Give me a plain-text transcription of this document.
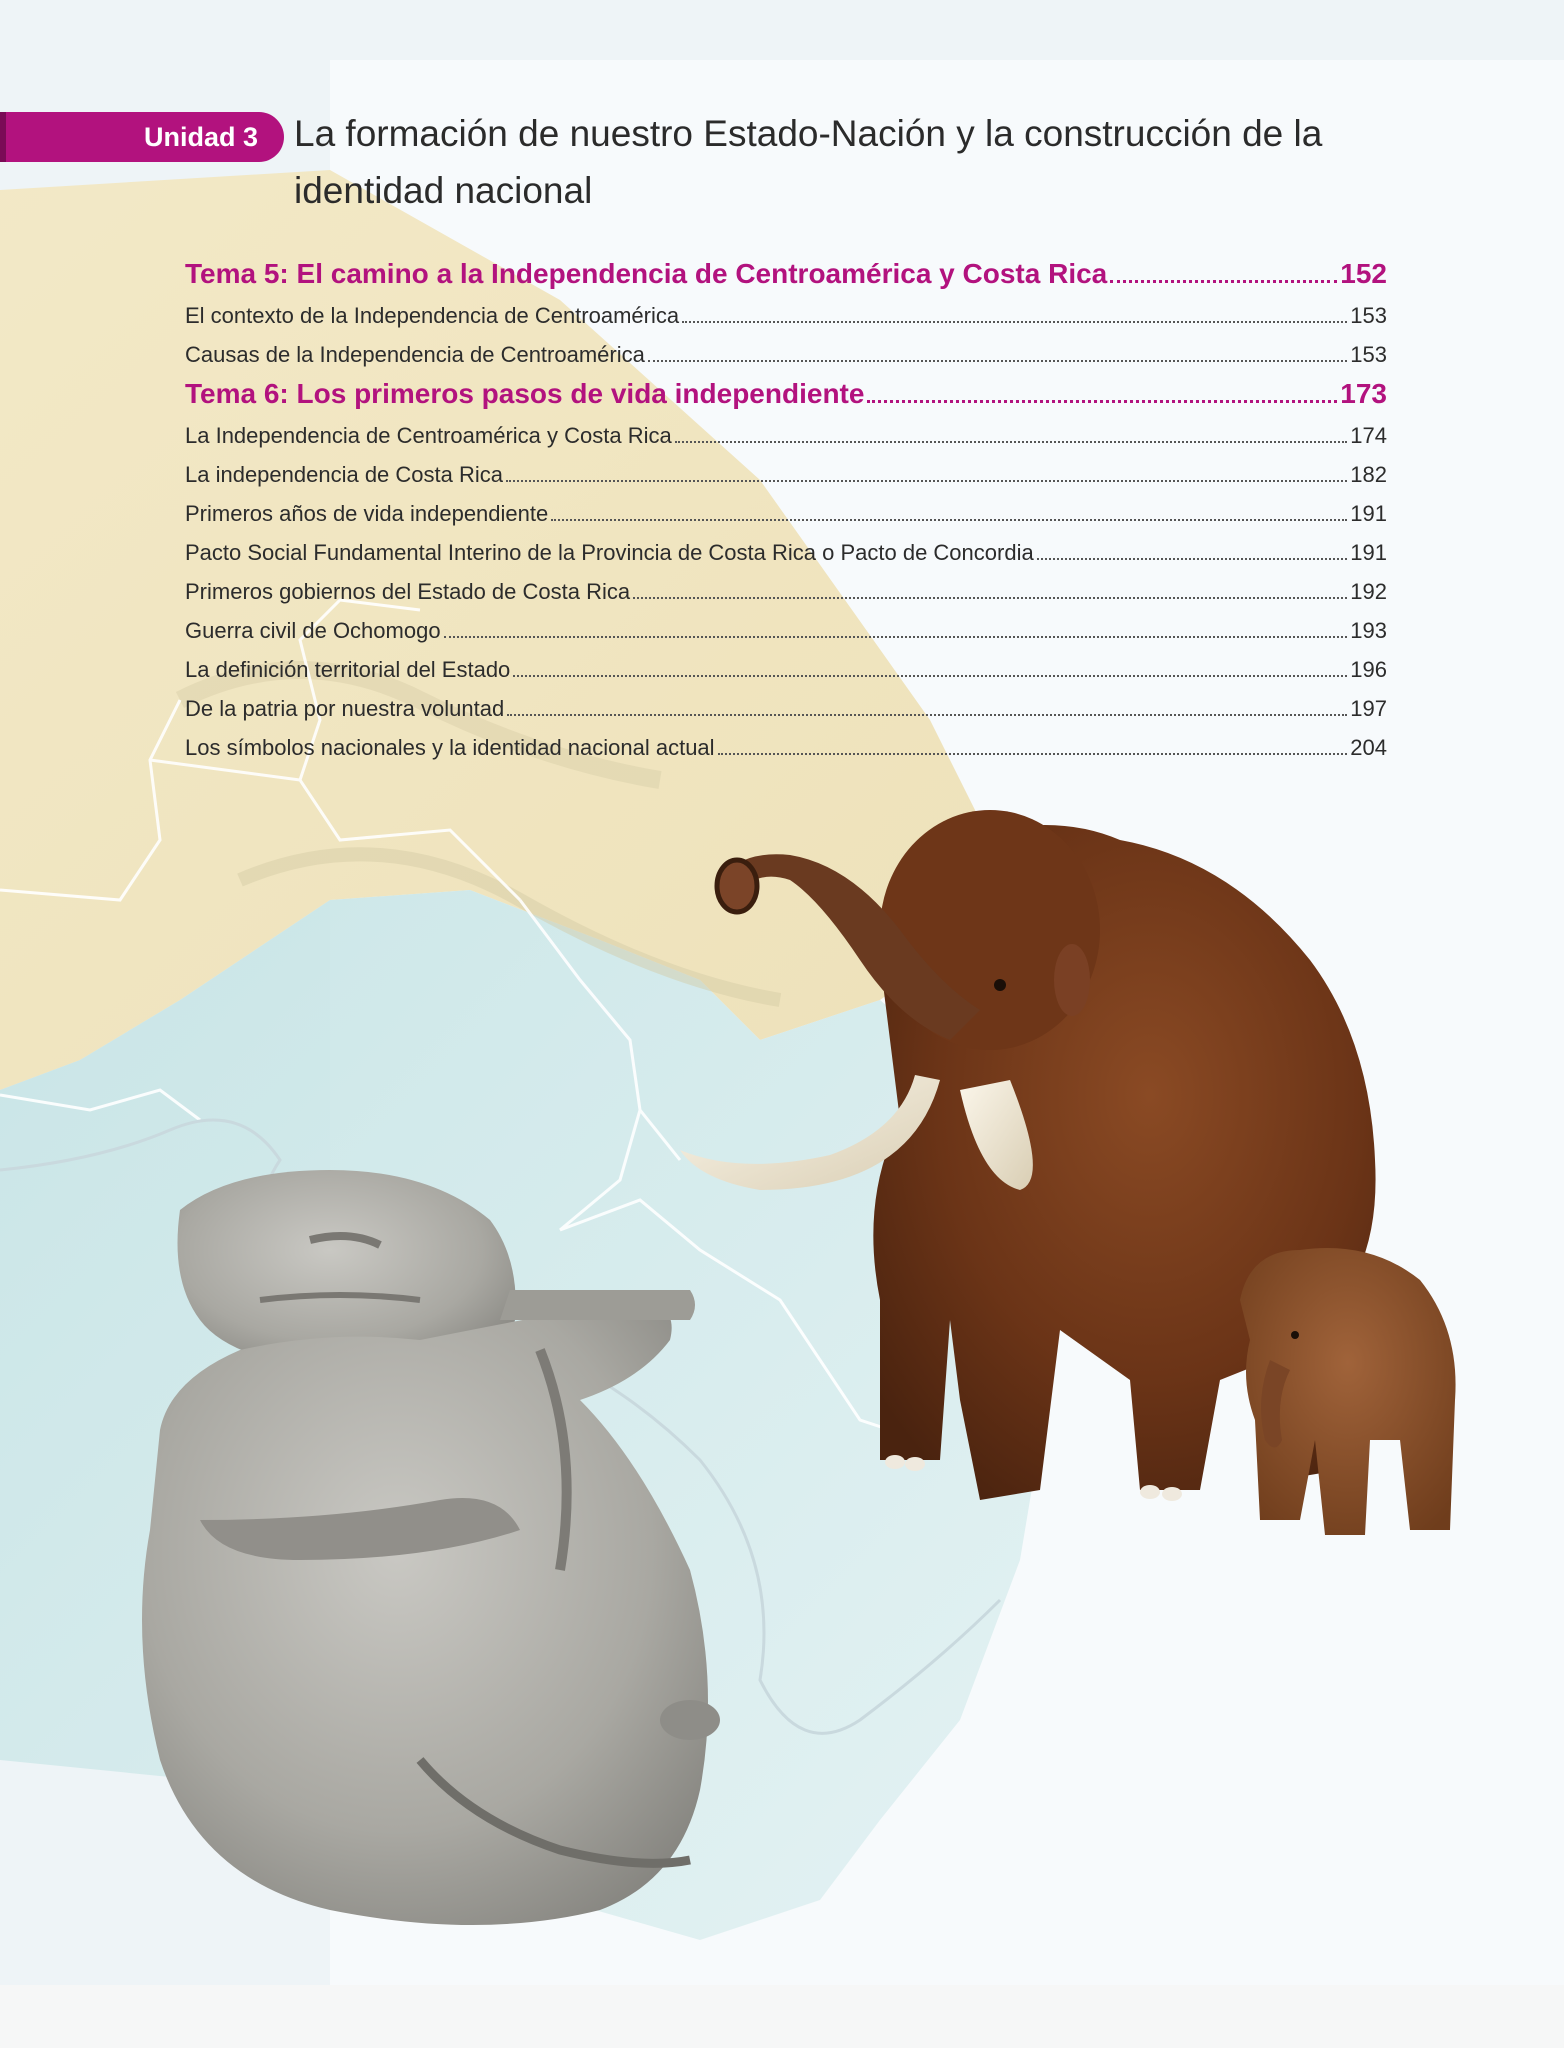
Unidad 3 La formación de nuestro Estado-Nación y la construcción de la identidad nacional
Tema 5: El camino a la Independencia de Centroamérica y Costa Rica	152
El contexto de la Independencia de Centroamérica	153
Causas de la Independencia de Centroamérica	153
Tema 6: Los primeros pasos de vida independiente	173
La Independencia de Centroamérica y Costa Rica	174
La independencia de Costa Rica	182
Primeros años de vida independiente	191
Pacto Social Fundamental Interino de la Provincia de Costa Rica o Pacto de Concordia	191
Primeros gobiernos del Estado de Costa Rica	192
Guerra civil de Ochomogo	193
La definición territorial del Estado	196
De la patria por nuestra voluntad	197
Los símbolos nacionales y la identidad nacional actual	204
